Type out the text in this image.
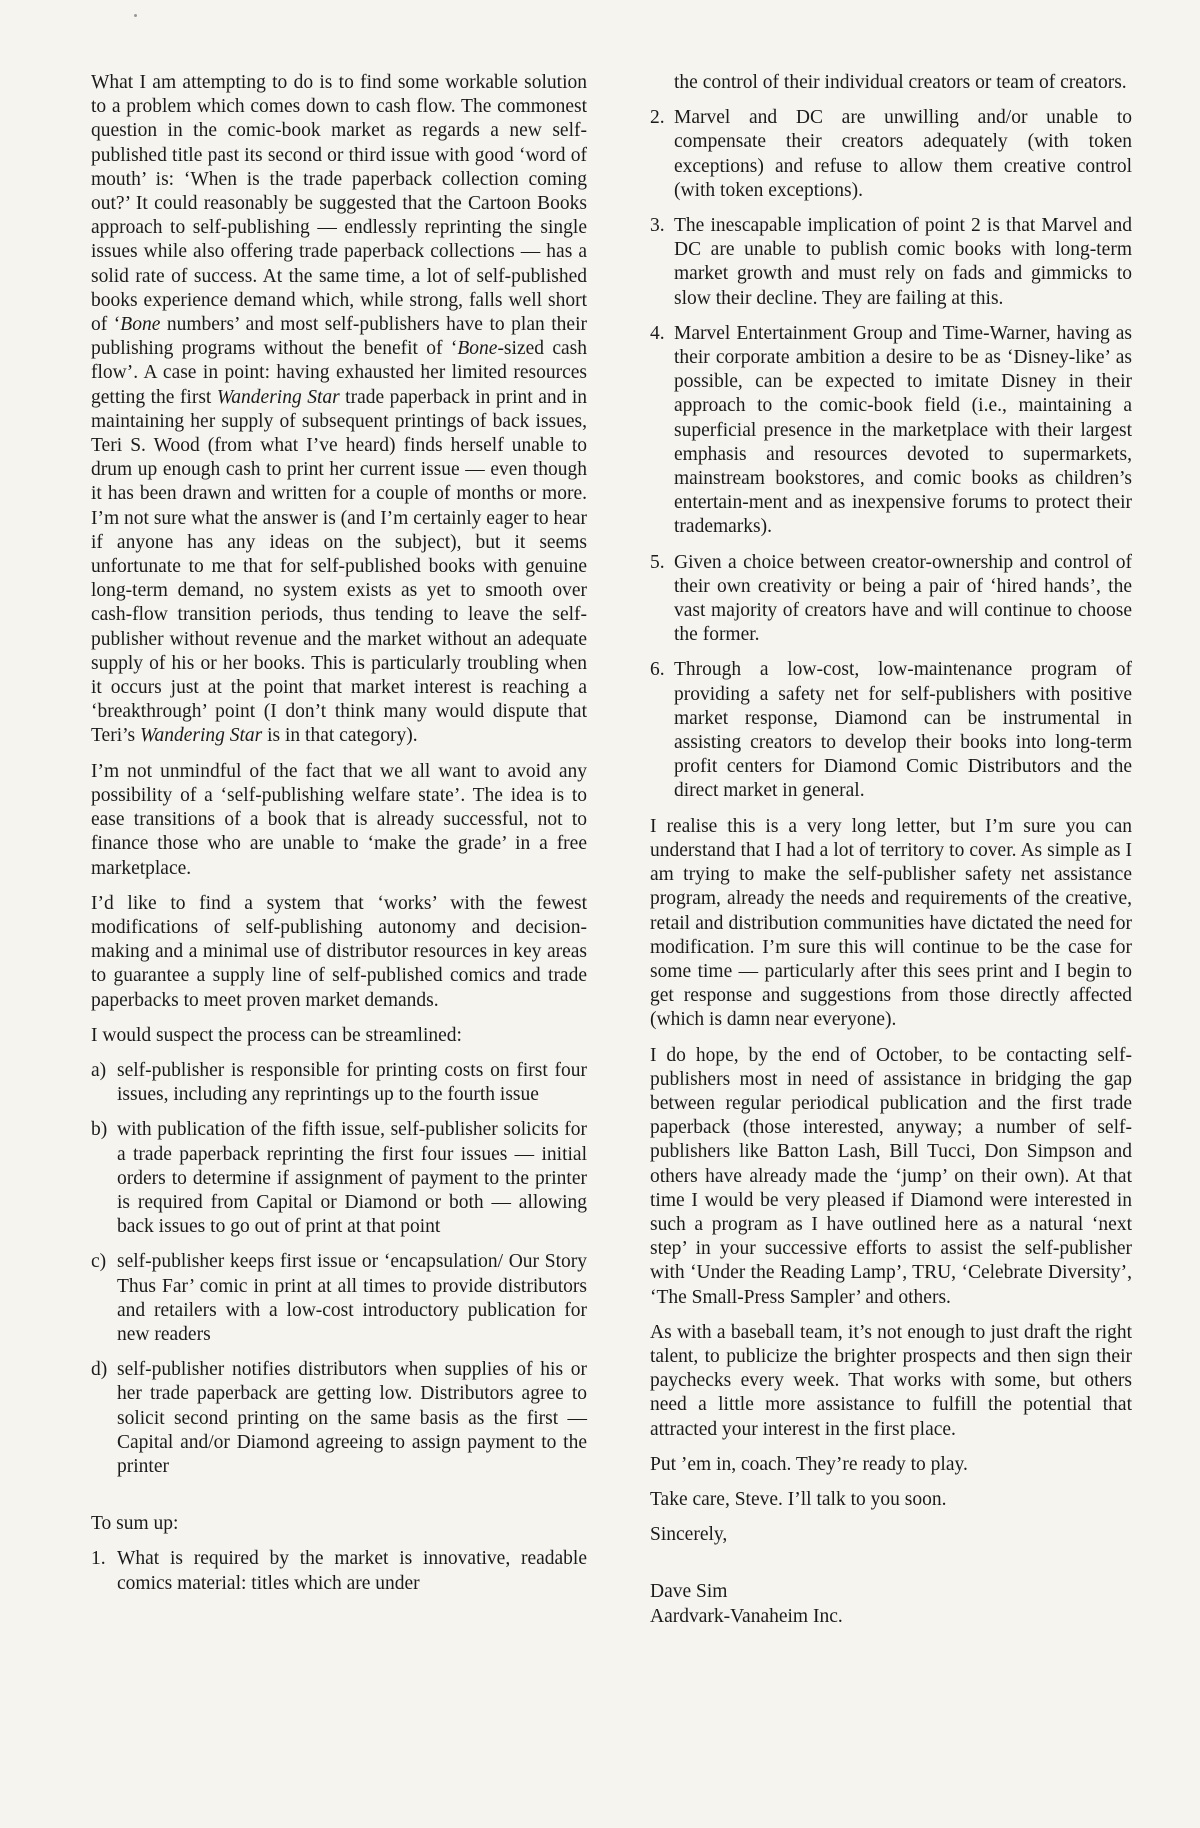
What I am attempting to do is to find some workable solution to a problem which comes down to cash flow. The commonest question in the comic-book market as regards a new self-published title past its second or third issue with good ‘word of mouth’ is: ‘When is the trade paperback collection coming out?’ It could reasonably be suggested that the Cartoon Books approach to self-publishing — endlessly reprinting the single issues while also offering trade paperback collections — has a solid rate of success. At the same time, a lot of self-published books experience demand which, while strong, falls well short of ‘Bone numbers’ and most self-publishers have to plan their publishing programs without the benefit of ‘Bone-sized cash flow’. A case in point: having exhausted her limited resources getting the first Wandering Star trade paperback in print and in maintaining her supply of subsequent printings of back issues, Teri S. Wood (from what I’ve heard) finds herself unable to drum up enough cash to print her current issue — even though it has been drawn and written for a couple of months or more. I’m not sure what the answer is (and I’m certainly eager to hear if anyone has any ideas on the subject), but it seems unfortunate to me that for self-published books with genuine long-term demand, no system exists as yet to smooth over cash-flow transition periods, thus tending to leave the self-publisher without revenue and the market without an adequate supply of his or her books. This is particularly troubling when it occurs just at the point that market interest is reaching a ‘breakthrough’ point (I don’t think many would dispute that Teri’s Wandering Star is in that category).

I’m not unmindful of the fact that we all want to avoid any possibility of a ‘self-publishing welfare state’. The idea is to ease transitions of a book that is already successful, not to finance those who are unable to ‘make the grade’ in a free marketplace.

I’d like to find a system that ‘works’ with the fewest modifications of self-publishing autonomy and decision-making and a minimal use of distributor resources in key areas to guarantee a supply line of self-published comics and trade paperbacks to meet proven market demands.

I would suspect the process can be streamlined:

a) self-publisher is responsible for printing costs on first four issues, including any reprintings up to the fourth issue
b) with publication of the fifth issue, self-publisher solicits for a trade paperback reprinting the first four issues — initial orders to determine if assignment of payment to the printer is required from Capital or Diamond or both — allowing back issues to go out of print at that point
c) self-publisher keeps first issue or ‘encapsulation/ Our Story Thus Far’ comic in print at all times to provide distributors and retailers with a low-cost introductory publication for new readers
d) self-publisher notifies distributors when supplies of his or her trade paperback are getting low. Distributors agree to solicit second printing on the same basis as the first — Capital and/or Diamond agreeing to assign payment to the printer

To sum up:

1. What is required by the market is innovative, readable comics material: titles which are under
the control of their individual creators or team of creators.
2. Marvel and DC are unwilling and/or unable to compensate their creators adequately (with token exceptions) and refuse to allow them creative control (with token exceptions).
3. The inescapable implication of point 2 is that Marvel and DC are unable to publish comic books with long-term market growth and must rely on fads and gimmicks to slow their decline. They are failing at this.
4. Marvel Entertainment Group and Time-Warner, having as their corporate ambition a desire to be as ‘Disney-like’ as possible, can be expected to imitate Disney in their approach to the comic-book field (i.e., maintaining a superficial presence in the marketplace with their largest emphasis and resources devoted to supermarkets, mainstream bookstores, and comic books as children’s entertain-ment and as inexpensive forums to protect their trademarks).
5. Given a choice between creator-ownership and control of their own creativity or being a pair of ‘hired hands’, the vast majority of creators have and will continue to choose the former.
6. Through a low-cost, low-maintenance program of providing a safety net for self-publishers with positive market response, Diamond can be instrumental in assisting creators to develop their books into long-term profit centers for Diamond Comic Distributors and the direct market in general.

I realise this is a very long letter, but I’m sure you can understand that I had a lot of territory to cover. As simple as I am trying to make the self-publisher safety net assistance program, already the needs and requirements of the creative, retail and distribution communities have dictated the need for modification. I’m sure this will continue to be the case for some time — particularly after this sees print and I begin to get response and suggestions from those directly affected (which is damn near everyone).

I do hope, by the end of October, to be contacting self-publishers most in need of assistance in bridging the gap between regular periodical publication and the first trade paperback (those interested, anyway; a number of self-publishers like Batton Lash, Bill Tucci, Don Simpson and others have already made the ‘jump’ on their own). At that time I would be very pleased if Diamond were interested in such a program as I have outlined here as a natural ‘next step’ in your successive efforts to assist the self-publisher with ‘Under the Reading Lamp’, TRU, ‘Celebrate Diversity’, ‘The Small-Press Sampler’ and others.

As with a baseball team, it’s not enough to just draft the right talent, to publicize the brighter prospects and then sign their paychecks every week. That works with some, but others need a little more assistance to fulfill the potential that attracted your interest in the first place.

Put ’em in, coach. They’re ready to play.

Take care, Steve. I’ll talk to you soon.

Sincerely,

Dave Sim

Aardvark-Vanaheim Inc.
